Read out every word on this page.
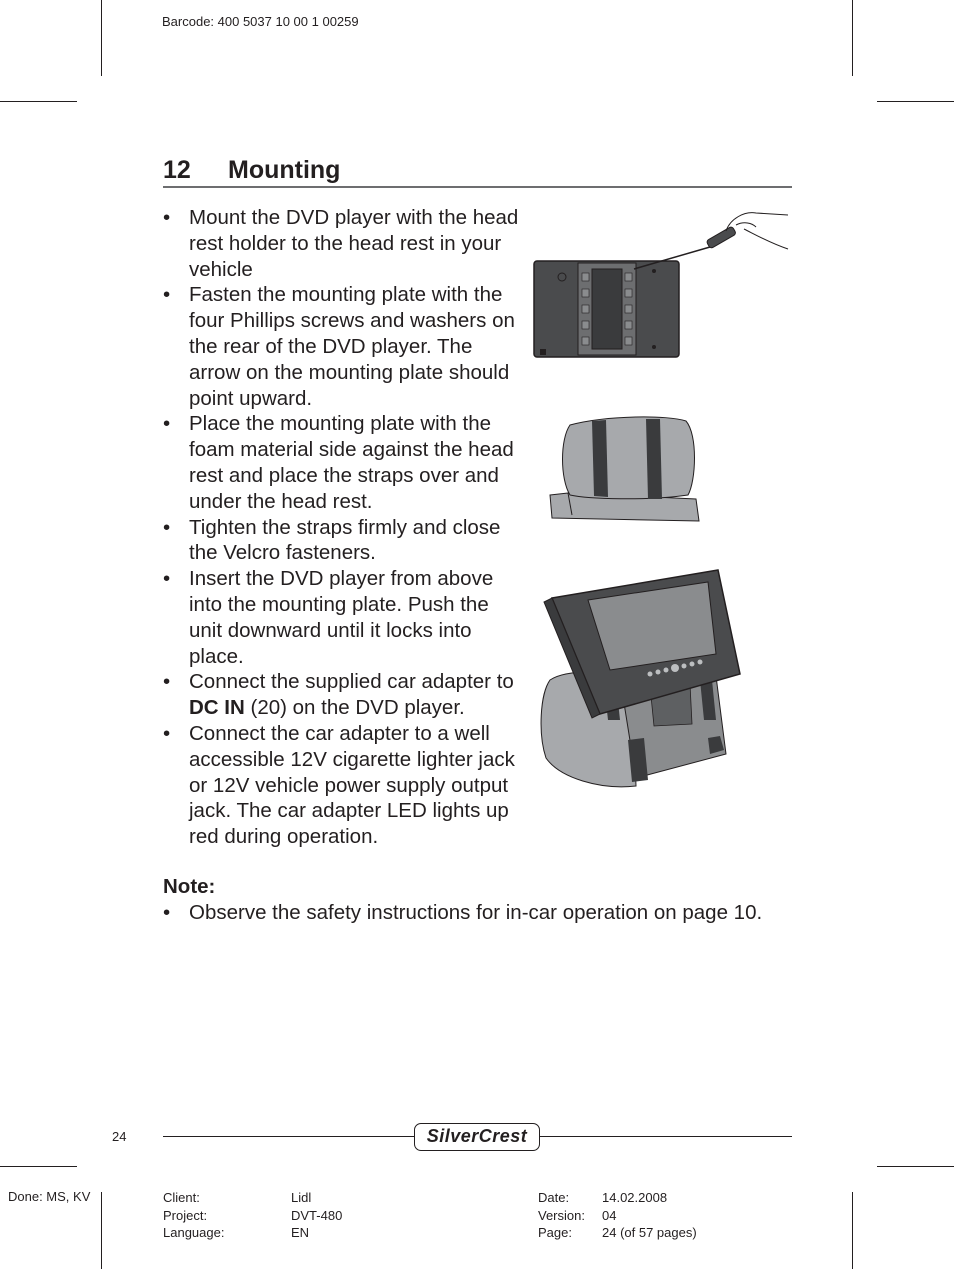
Barcode: 400 5037 10 00 1 00259
12 Mounting
• Mount the DVD player with the head rest holder to the head rest in your vehicle
• Fasten the mounting plate with the four Phillips screws and washers on the rear of the DVD player. The arrow on the mounting plate should point upward.
• Place the mounting plate with the foam material side against the head rest and place the straps over and under the head rest.
• Tighten the straps firmly and close the Velcro fasteners.
• Insert the DVD player from above into the mounting plate. Push the unit downward until it locks into place.
• Connect the supplied car adapter to DC IN (20) on the DVD player.
• Connect the car adapter to a well accessible 12V cigarette lighter jack or 12V vehicle power supply output jack. The car adapter LED lights up red during operation.
Note:
• Observe the safety instructions for in-car operation on page 10.
24	SilverCrest
Done: MS, KV	Client:
Project:
Language:
Lidl
DVT-480
EN
Date:
Version:
Page:
14.02.2008
04
24 (of 57 pages)
